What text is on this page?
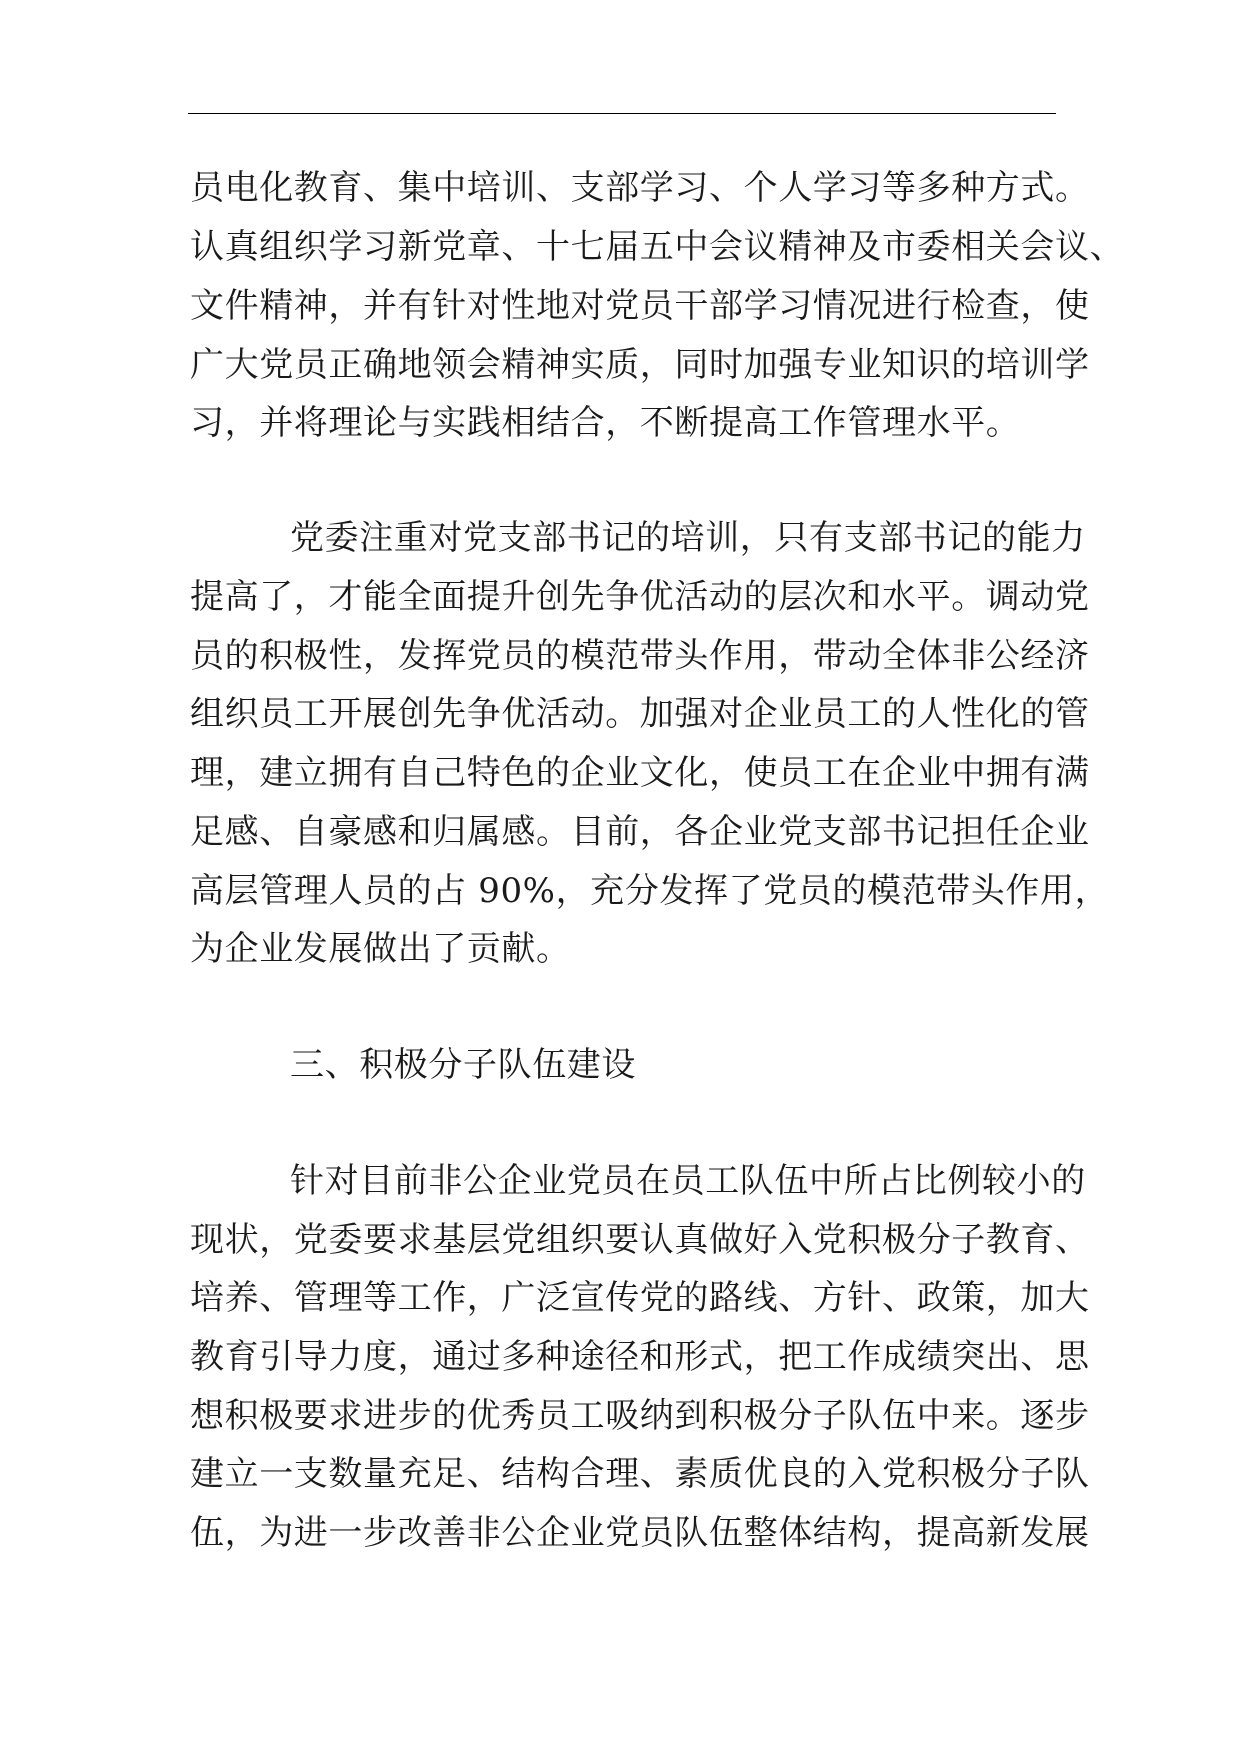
员电化教育、集中培训、支部学习、个人学习等多种方式。
认真组织学习新党章、十七届五中会议精神及市委相关会议、
文件精神，并有针对性地对党员干部学习情况进行检查，使
广大党员正确地领会精神实质，同时加强专业知识的培训学
习，并将理论与实践相结合，不断提高工作管理水平。
党委注重对党支部书记的培训，只有支部书记的能力
提高了，才能全面提升创先争优活动的层次和水平。调动党
员的积极性，发挥党员的模范带头作用，带动全体非公经济
组织员工开展创先争优活动。加强对企业员工的人性化的管
理，建立拥有自己特色的企业文化，使员工在企业中拥有满
足感、自豪感和归属感。目前，各企业党支部书记担任企业
高层管理人员的占 90%，充分发挥了党员的模范带头作用，
为企业发展做出了贡献。
三、积极分子队伍建设
针对目前非公企业党员在员工队伍中所占比例较小的
现状，党委要求基层党组织要认真做好入党积极分子教育、
培养、管理等工作，广泛宣传党的路线、方针、政策，加大
教育引导力度，通过多种途径和形式，把工作成绩突出、思
想积极要求进步的优秀员工吸纳到积极分子队伍中来。逐步
建立一支数量充足、结构合理、素质优良的入党积极分子队
伍，为进一步改善非公企业党员队伍整体结构，提高新发展
